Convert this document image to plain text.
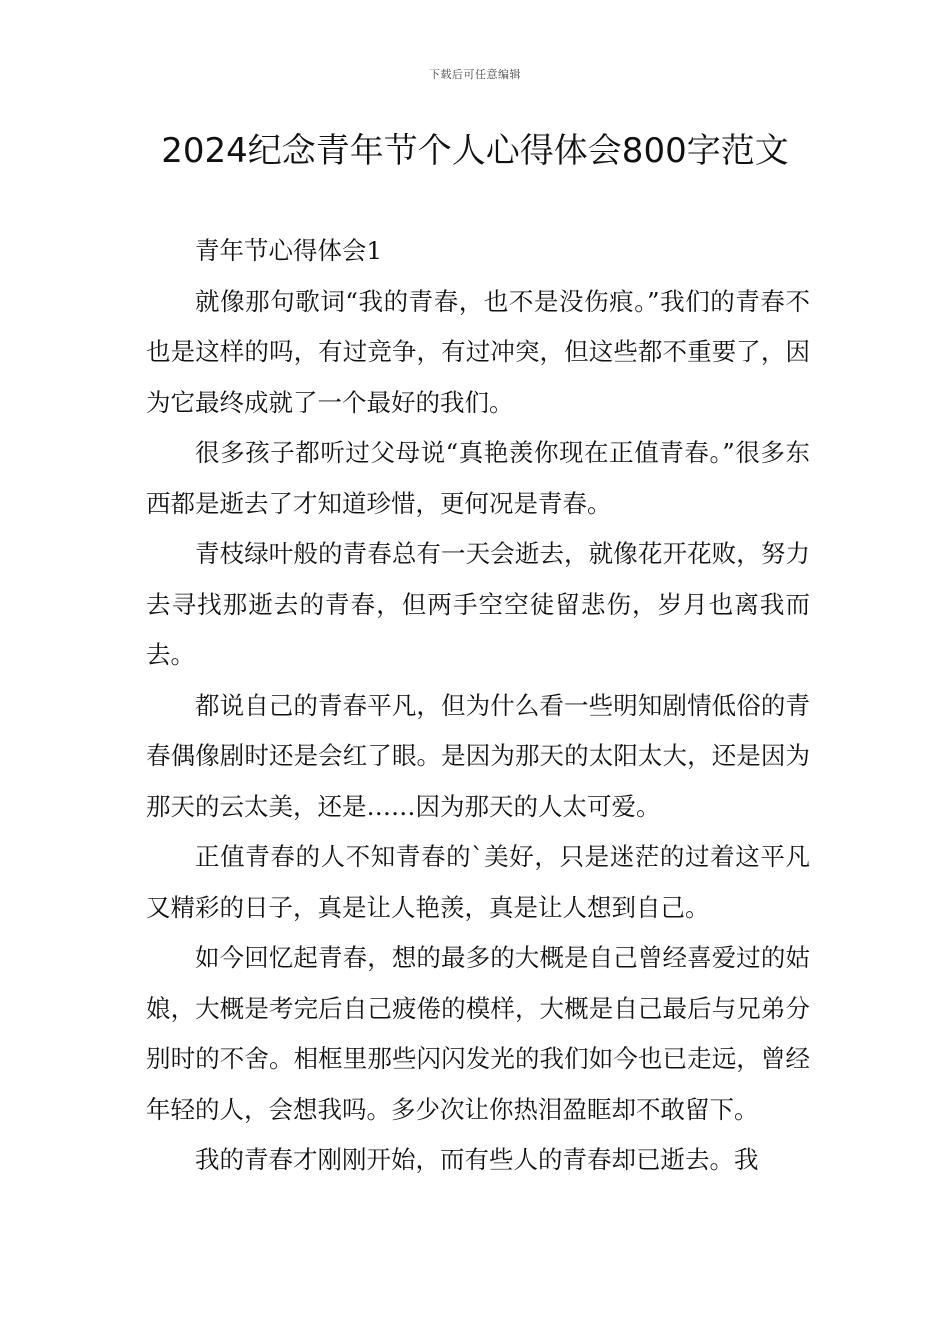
下载后可任意编辑
2024纪念青年节个人心得体会800字范文

青年节心得体会1

就像那句歌词“我的青春，也不是没伤痕。”我们的青春不也是这样的吗，有过竞争，有过冲突，但这些都不重要了，因为它最终成就了一个最好的我们。

很多孩子都听过父母说“真艳羡你现在正值青春。”很多东西都是逝去了才知道珍惜，更何况是青春。

青枝绿叶般的青春总有一天会逝去，就像花开花败，努力去寻找那逝去的青春，但两手空空徒留悲伤，岁月也离我而去。

都说自己的青春平凡，但为什么看一些明知剧情低俗的青春偶像剧时还是会红了眼。是因为那天的太阳太大，还是因为那天的云太美，还是……因为那天的人太可爱。

正值青春的人不知青春的`美好，只是迷茫的过着这平凡又精彩的日子，真是让人艳羡，真是让人想到自己。

如今回忆起青春，想的最多的大概是自己曾经喜爱过的姑娘，大概是考完后自己疲倦的模样，大概是自己最后与兄弟分别时的不舍。相框里那些闪闪发光的我们如今也已走远，曾经年轻的人，会想我吗。多少次让你热泪盈眶却不敢留下。

我的青春才刚刚开始，而有些人的青春却已逝去。我
